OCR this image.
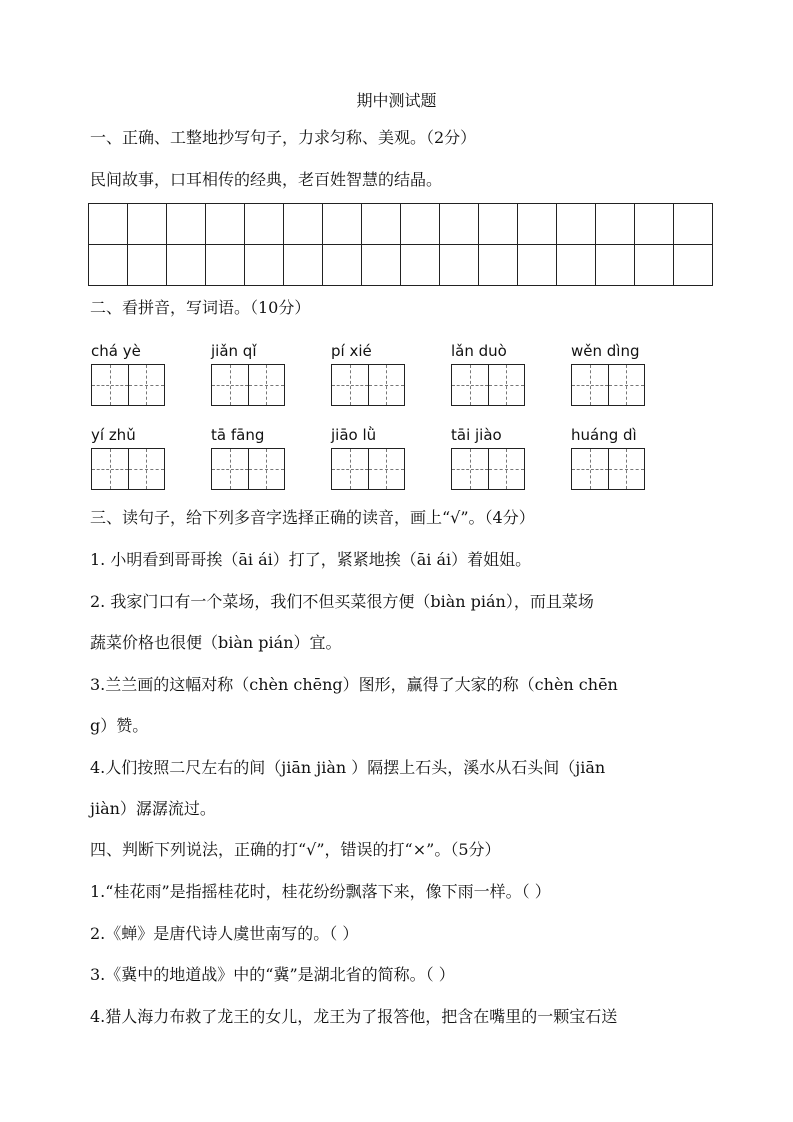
期中测试题
一、正确、工整地抄写句子，力求匀称、美观。（2分）
民间故事，口耳相传的经典，老百姓智慧的结晶。

二、看拼音，写词语。（10分）
chá yè	jiǎn qǐ	pí xié	lǎn duò	wěn dìng
yí zhǔ	tā fāng	jiāo lǜ	tāi jiào	huáng dì
三、读句子，给下列多音字选择正确的读音，画上“√”。（4分）
1. 小明看到哥哥挨（āi ái）打了，紧紧地挨（āi ái）着姐姐。
2. 我家门口有一个菜场，我们不但买菜很方便（biàn pián），而且菜场
蔬菜价格也很便（biàn pián）宜。
3.兰兰画的这幅对称（chèn chēng）图形，赢得了大家的称（chèn chēn
g）赞。
4.人们按照二尺左右的间（jiān jiàn ）隔摆上石头，溪水从石头间（jiān
jiàn）潺潺流过。
四、判断下列说法，正确的打“√”，错误的打“×”。（5分）
1.“桂花雨”是指摇桂花时，桂花纷纷飘落下来，像下雨一样。（ ）
2.《蝉》是唐代诗人虞世南写的。（ ）
3.《冀中的地道战》中的“冀”是湖北省的简称。（ ）
4.猎人海力布救了龙王的女儿，龙王为了报答他，把含在嘴里的一颗宝石送
